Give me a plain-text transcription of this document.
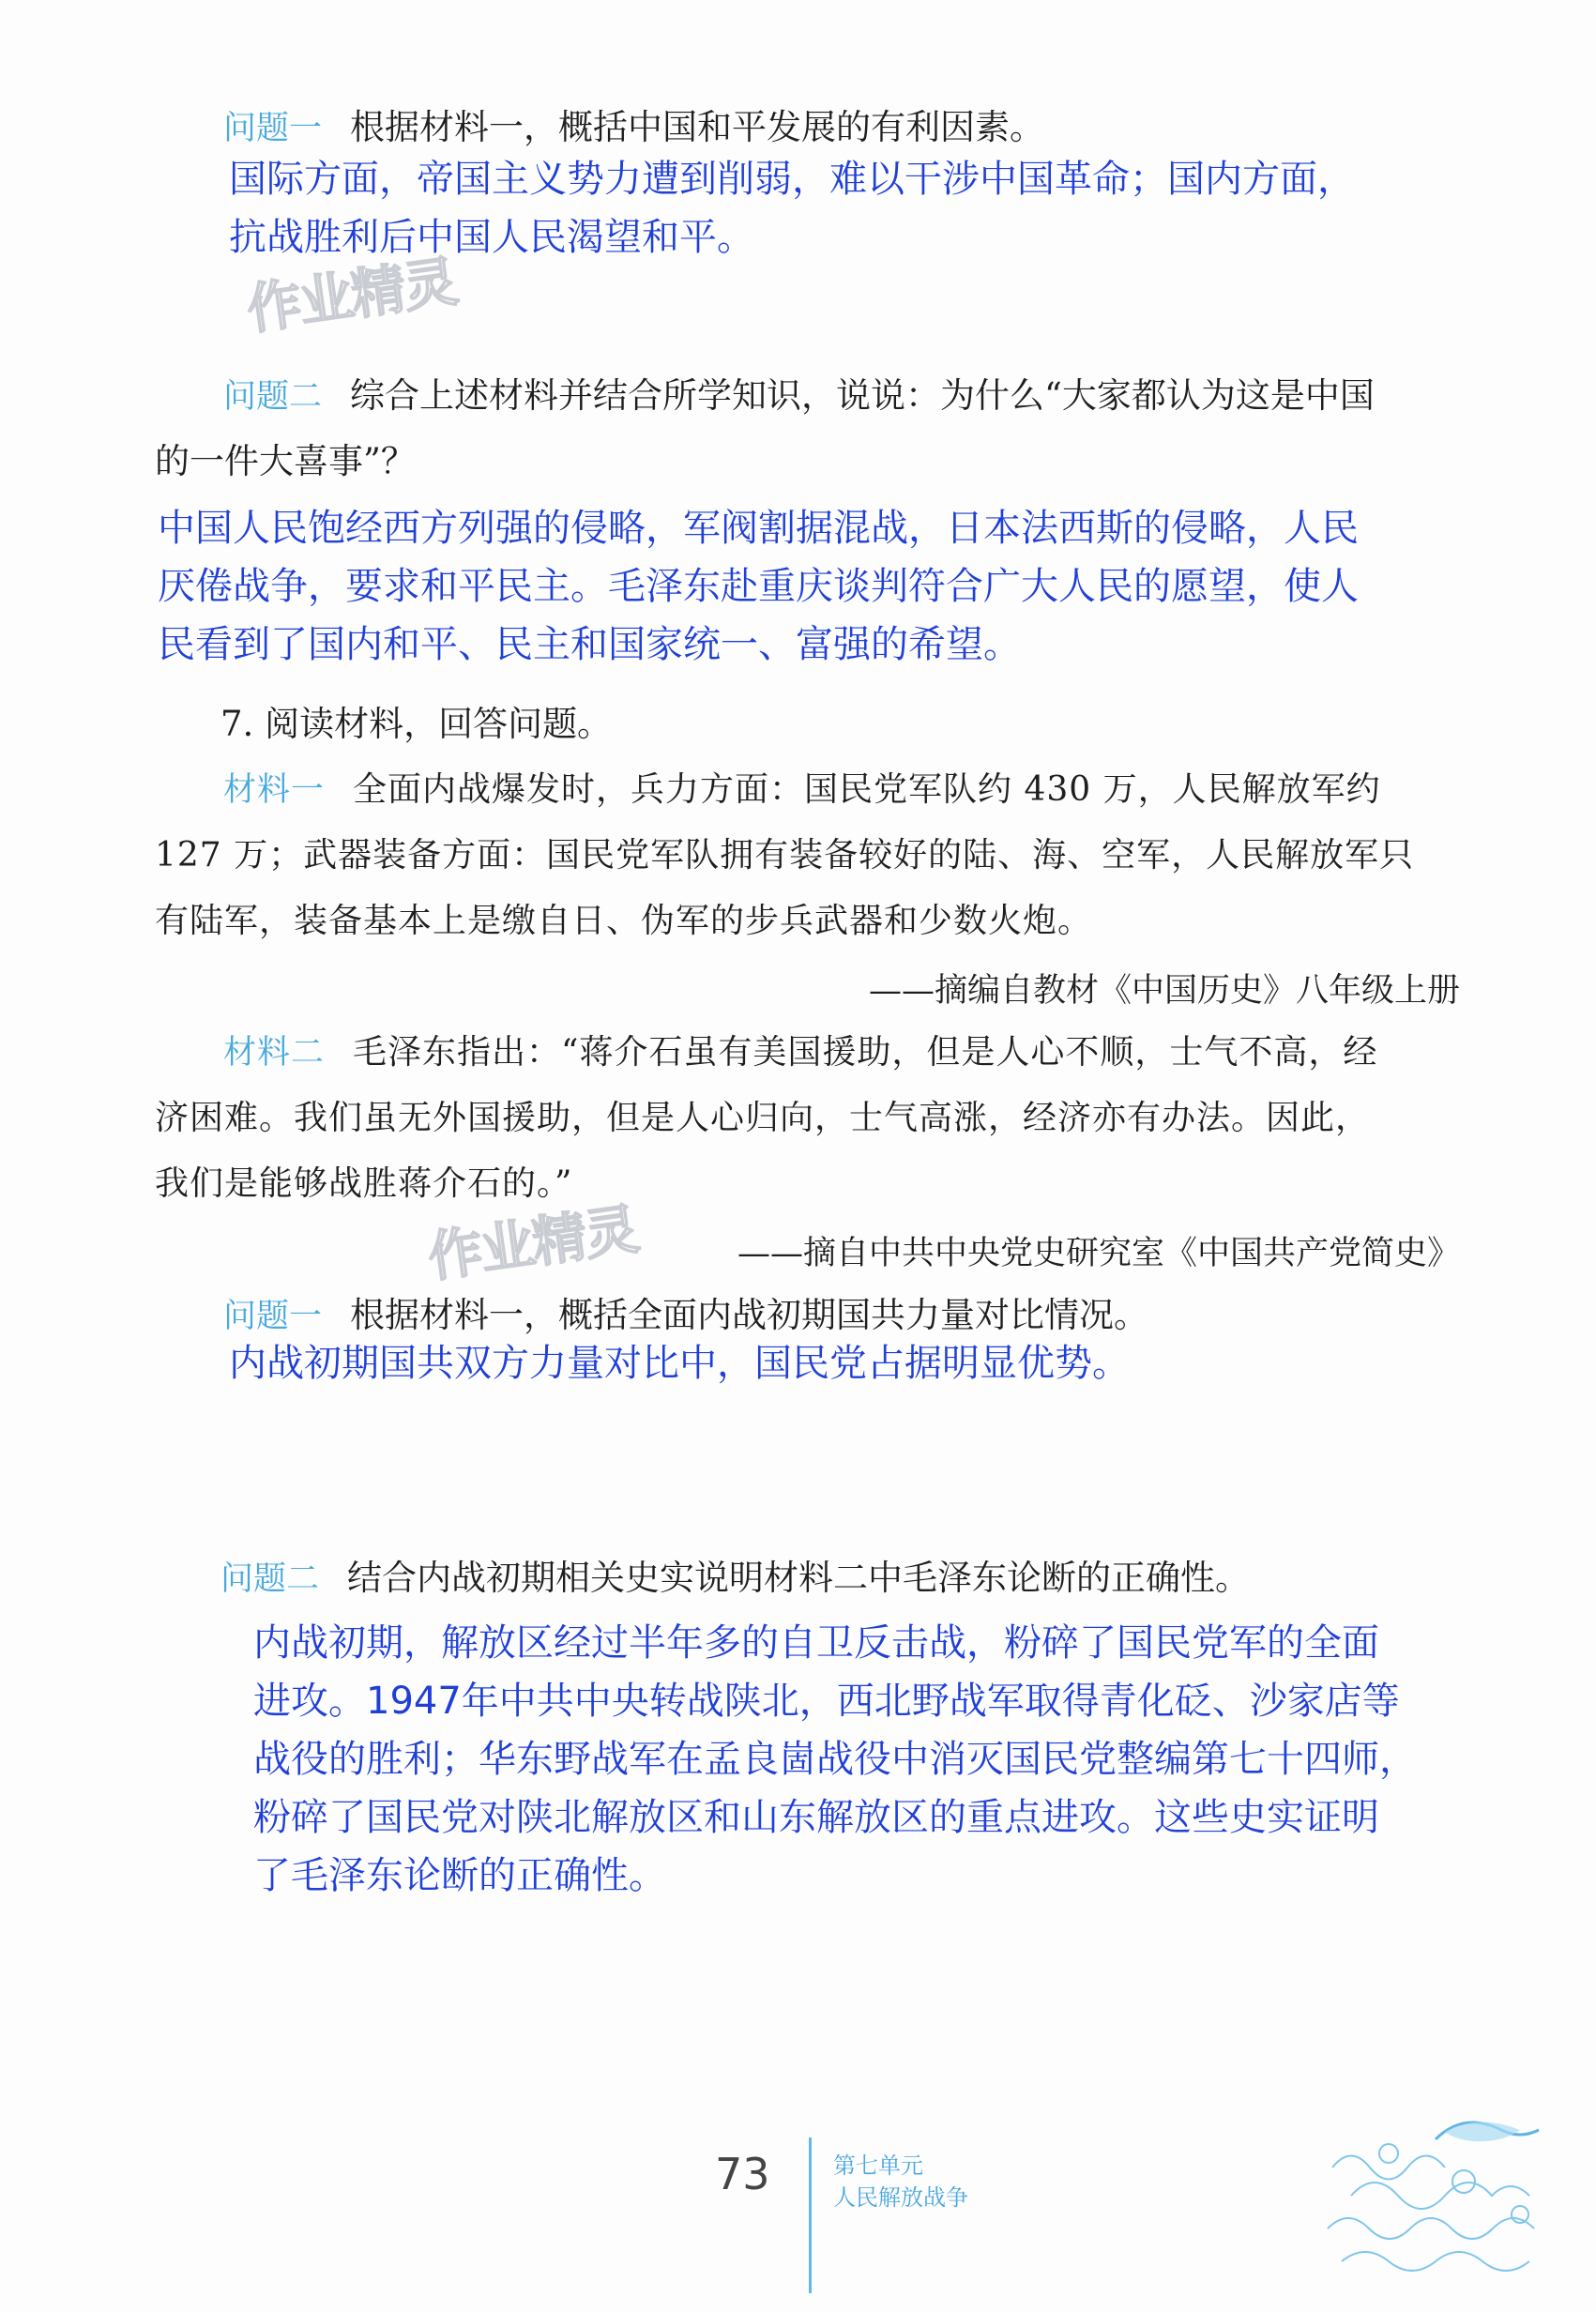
问题一 根据材料一，概括中国和平发展的有利因素。
国际方面，帝国主义势力遭到削弱，难以干涉中国革命；国内方面，
抗战胜利后中国人民渴望和平。
作业精灵
问题二 综合上述材料并结合所学知识，说说：为什么“大家都认为这是中国
的一件大喜事”？
中国人民饱经西方列强的侵略，军阀割据混战，日本法西斯的侵略，人民
厌倦战争，要求和平民主。毛泽东赴重庆谈判符合广大人民的愿望，使人
民看到了国内和平、民主和国家统一、富强的希望。
7. 阅读材料，回答问题。
材料一 全面内战爆发时，兵力方面：国民党军队约 430 万，人民解放军约
127 万；武器装备方面：国民党军队拥有装备较好的陆、海、空军，人民解放军只
有陆军，装备基本上是缴自日、伪军的步兵武器和少数火炮。
——摘编自教材《中国历史》八年级上册
材料二 毛泽东指出：“蒋介石虽有美国援助，但是人心不顺，士气不高，经
济困难。我们虽无外国援助，但是人心归向，士气高涨，经济亦有办法。因此，
我们是能够战胜蒋介石的。”
作业精灵	——摘自中共中央党史研究室《中国共产党简史》
问题一 根据材料一，概括全面内战初期国共力量对比情况。
内战初期国共双方力量对比中，国民党占据明显优势。
问题二 结合内战初期相关史实说明材料二中毛泽东论断的正确性。
内战初期，解放区经过半年多的自卫反击战，粉碎了国民党军的全面
进攻。1947年中共中央转战陕北，西北野战军取得青化砭、沙家店等
战役的胜利；华东野战军在孟良崮战役中消灭国民党整编第七十四师，
粉碎了国民党对陕北解放区和山东解放区的重点进攻。这些史实证明
了毛泽东论断的正确性。
73	第七单元
人民解放战争
